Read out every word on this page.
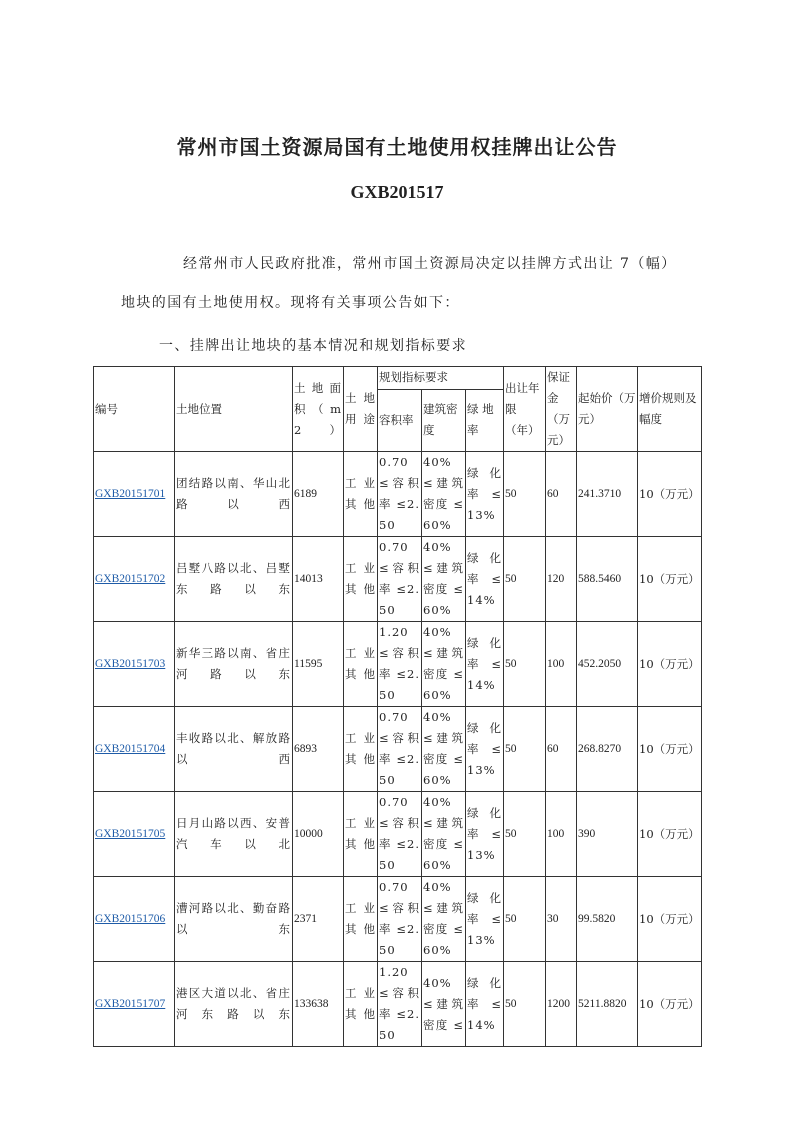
常州市国土资源局国有土地使用权挂牌出让公告
GXB201517
经常州市人民政府批准，常州市国土资源局决定以挂牌方式出让 7（幅）
地块的国有土地使用权。现将有关事项公告如下：
一、挂牌出让地块的基本情况和规划指标要求
编号	土地位置	土地面积（m2）	土地用途	规划指标要求			出让年限（年）	保证金（万元）	起始价（万元）	增价规则及幅度
				容积率	建筑密度	绿 地率				
GXB20151701	团结路以南、华山北路以西	6189	工业其他	0.70 ≤容积率≤2.50	40% ≤建筑密度 ≤60%	绿 化率 ≤13%	50	60	241.3710	10（万元）
GXB20151702	吕墅八路以北、吕墅东路以东	14013	工业其他	0.70 ≤容积率≤2.50	40% ≤建筑密度 ≤60%	绿 化率 ≤14%	50	120	588.5460	10（万元）
GXB20151703	新华三路以南、省庄河路以东	11595	工业其他	1.20 ≤容积率≤2.50	40% ≤建筑密度 ≤60%	绿 化率 ≤14%	50	100	452.2050	10（万元）
GXB20151704	丰收路以北、解放路以西	6893	工业其他	0.70 ≤容积率≤2.50	40% ≤建筑密度 ≤60%	绿 化率 ≤13%	50	60	268.8270	10（万元）
GXB20151705	日月山路以西、安普汽车以北	10000	工业其他	0.70 ≤容积率≤2.50	40% ≤建筑密度 ≤60%	绿 化率 ≤13%	50	100	390	10（万元）
GXB20151706	漕河路以北、勤奋路以东	2371	工业其他	0.70 ≤容积率≤2.50	40% ≤建筑密度 ≤60%	绿 化率 ≤13%	50	30	99.5820	10（万元）
GXB20151707	港区大道以北、省庄河东路以东	133638	工业其他	1.20 ≤容积率≤2.50	40% ≤建筑密度 ≤	绿 化率 ≤14%	50	1200	5211.8820	10（万元）
